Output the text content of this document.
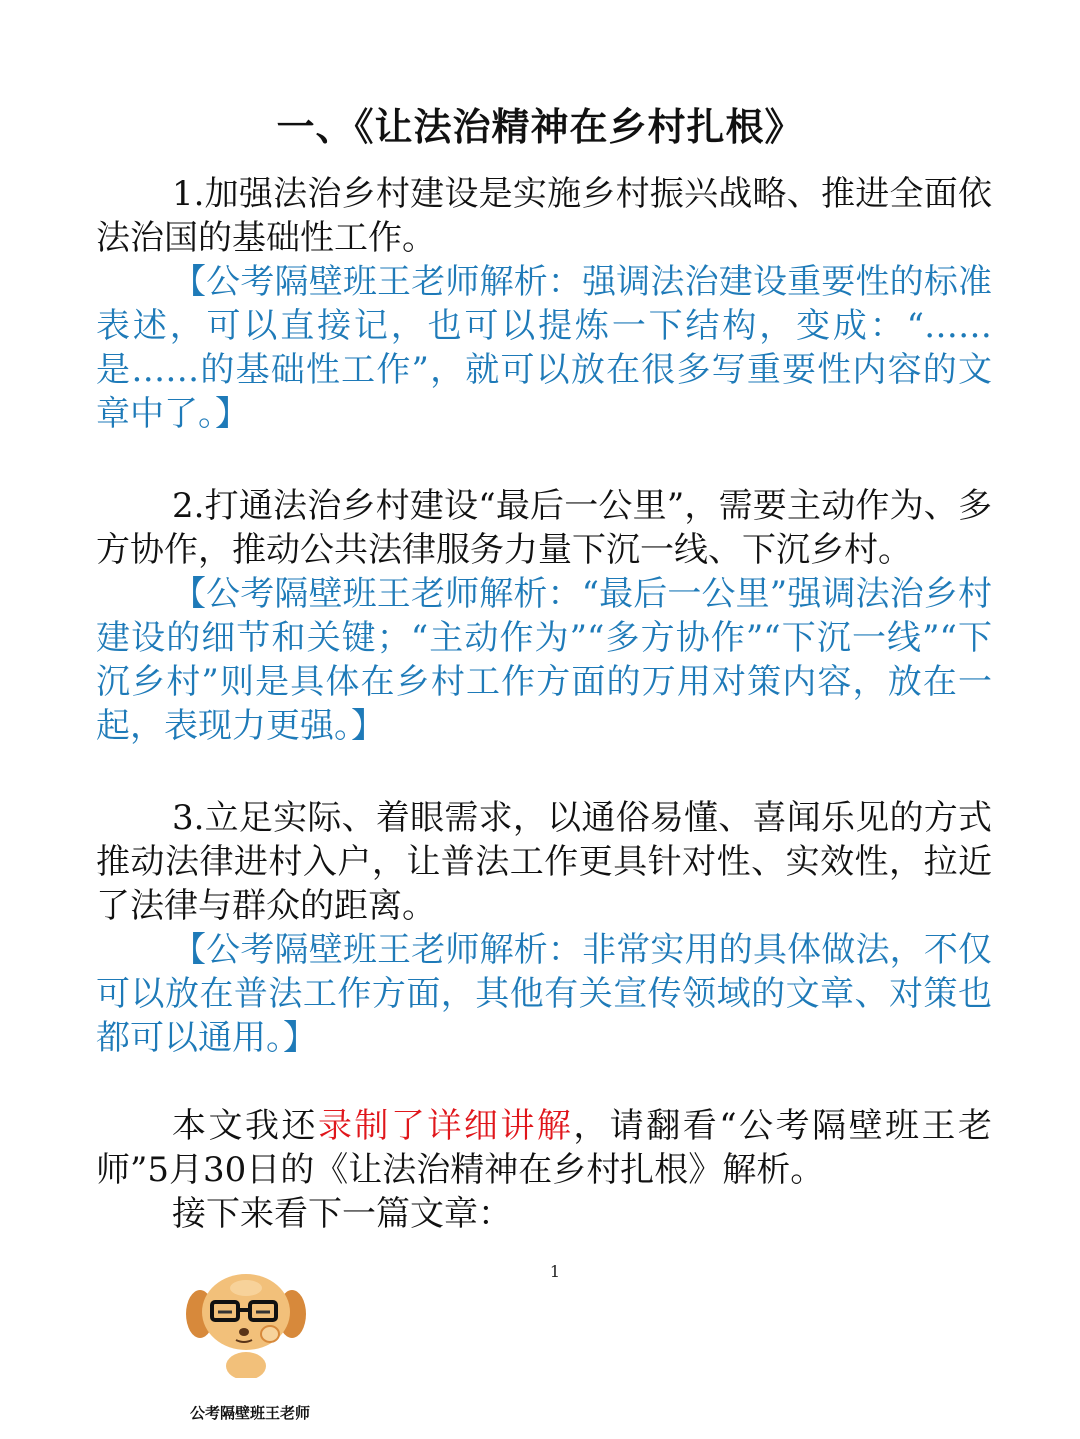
一、《让法治精神在乡村扎根》

1.加强法治乡村建设是实施乡村振兴战略、推进全面依法治国的基础性工作。

【公考隔壁班王老师解析：强调法治建设重要性的标准表述，可以直接记，也可以提炼一下结构，变成：“……是……的基础性工作”，就可以放在很多写重要性内容的文章中了。】

2.打通法治乡村建设“最后一公里”，需要主动作为、多方协作，推动公共法律服务力量下沉一线、下沉乡村。

【公考隔壁班王老师解析：“最后一公里”强调法治乡村建设的细节和关键；“主动作为”“多方协作”“下沉一线”“下沉乡村”则是具体在乡村工作方面的万用对策内容，放在一起，表现力更强。】

3.立足实际、着眼需求，以通俗易懂、喜闻乐见的方式推动法律进村入户，让普法工作更具针对性、实效性，拉近了法律与群众的距离。

【公考隔壁班王老师解析：非常实用的具体做法，不仅可以放在普法工作方面，其他有关宣传领域的文章、对策也都可以通用。】

本文我还录制了详细讲解，请翻看“公考隔壁班王老师”5月30日的《让法治精神在乡村扎根》解析。

接下来看下一篇文章：

1
公考隔壁班王老师
